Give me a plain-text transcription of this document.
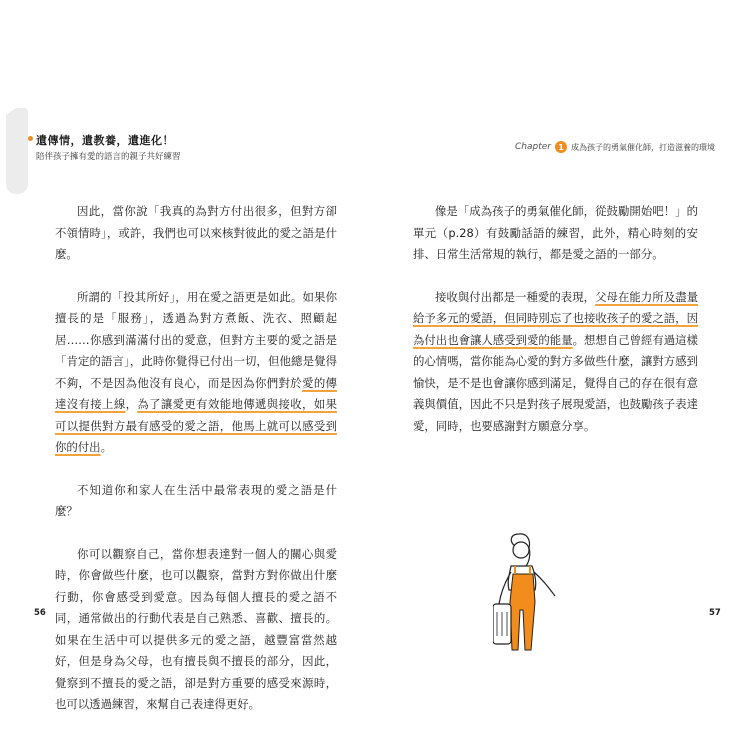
遺傳情，遺教養，遺進化！
陪伴孩子擁有愛的語言的親子共好練習

因此，當你說「我真的為對方付出很多，但對方卻不領情時」，或許，我們也可以來核對彼此的愛之語是什麼。

所謂的「投其所好」，用在愛之語更是如此。如果你擅長的是「服務」，透過為對方煮飯、洗衣、照顧起居……你感到滿滿付出的愛意，但對方主要的愛之語是「肯定的語言」，此時你覺得已付出一切，但他總是覺得不夠，不是因為他沒有良心，而是因為你們對於愛的傳達沒有接上線，為了讓愛更有效能地傳遞與接收，如果可以提供對方最有感受的愛之語，他馬上就可以感受到你的付出。

不知道你和家人在生活中最常表現的愛之語是什麼？

你可以觀察自己，當你想表達對一個人的關心與愛時，你會做些什麼，也可以觀察，當對方對你做出什麼行動，你會感受到愛意。因為每個人擅長的愛之語不同，通常做出的行動代表是自己熟悉、喜歡、擅長的。如果在生活中可以提供多元的愛之語，越豐富當然越好，但是身為父母，也有擅長與不擅長的部分，因此，覺察到不擅長的愛之語，卻是對方重要的感受來源時，也可以透過練習，來幫自己表達得更好。

56
Chapter 1 成為孩子的勇氣催化師，打造滋養的環境

像是「成為孩子的勇氣催化師，從鼓勵開始吧！」的單元（p.28）有鼓勵話語的練習，此外，精心時刻的安排、日常生活常規的執行，都是愛之語的一部分。

接收與付出都是一種愛的表現，父母在能力所及盡量給予多元的愛語，但同時別忘了也接收孩子的愛之語，因為付出也會讓人感受到愛的能量。想想自己曾經有過這樣的心情嗎，當你能為心愛的對方多做些什麼，讓對方感到愉快，是不是也會讓你感到滿足，覺得自己的存在很有意義與價值，因此不只是對孩子展現愛語，也鼓勵孩子表達愛，同時，也要感謝對方願意分享。

57
